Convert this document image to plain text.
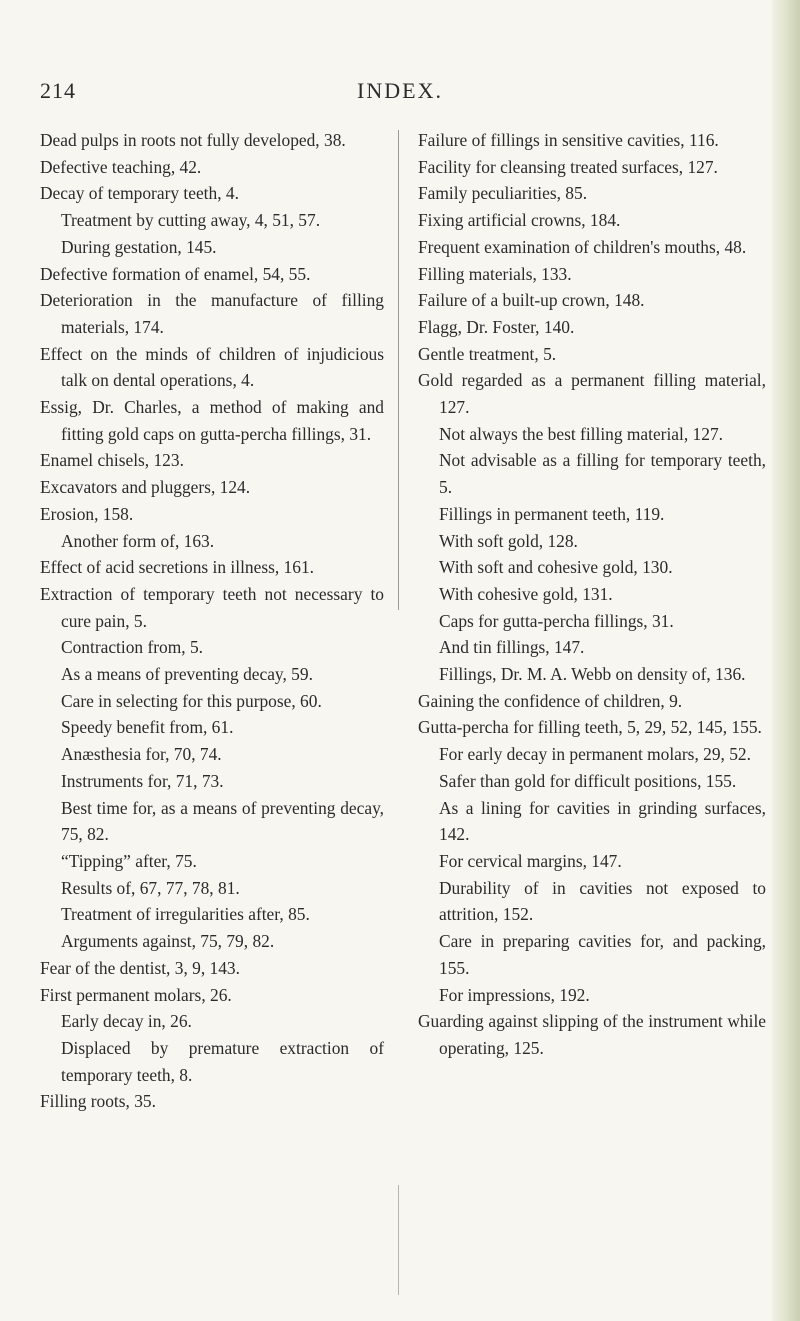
214	INDEX.
Dead pulps in roots not fully developed, 38.
Defective teaching, 42.
Decay of temporary teeth, 4.
Treatment by cutting away, 4, 51, 57.
During gestation, 145.
Defective formation of enamel, 54, 55.
Deterioration in the manufacture of filling materials, 174.
Effect on the minds of children of injudicious talk on dental operations, 4.
Essig, Dr. Charles, a method of making and fitting gold caps on gutta-percha fillings, 31.
Enamel chisels, 123.
Excavators and pluggers, 124.
Erosion, 158.
Another form of, 163.
Effect of acid secretions in illness, 161.
Extraction of temporary teeth not necessary to cure pain, 5.
Contraction from, 5.
As a means of preventing decay, 59.
Care in selecting for this purpose, 60.
Speedy benefit from, 61.
Anæsthesia for, 70, 74.
Instruments for, 71, 73.
Best time for, as a means of preventing decay, 75, 82.
“Tipping” after, 75.
Results of, 67, 77, 78, 81.
Treatment of irregularities after, 85.
Arguments against, 75, 79, 82.
Fear of the dentist, 3, 9, 143.
First permanent molars, 26.
Early decay in, 26.
Displaced by premature extraction of temporary teeth, 8.
Filling roots, 35.
Failure of fillings in sensitive cavities, 116.
Facility for cleansing treated surfaces, 127.
Family peculiarities, 85.
Fixing artificial crowns, 184.
Frequent examination of children's mouths, 48.
Filling materials, 133.
Failure of a built-up crown, 148.
Flagg, Dr. Foster, 140.
Gentle treatment, 5.
Gold regarded as a permanent filling material, 127.
Not always the best filling material, 127.
Not advisable as a filling for temporary teeth, 5.
Fillings in permanent teeth, 119.
With soft gold, 128.
With soft and cohesive gold, 130.
With cohesive gold, 131.
Caps for gutta-percha fillings, 31.
And tin fillings, 147.
Fillings, Dr. M. A. Webb on density of, 136.
Gaining the confidence of children, 9.
Gutta-percha for filling teeth, 5, 29, 52, 145, 155.
For early decay in permanent molars, 29, 52.
Safer than gold for difficult positions, 155.
As a lining for cavities in grinding surfaces, 142.
For cervical margins, 147.
Durability of in cavities not exposed to attrition, 152.
Care in preparing cavities for, and packing, 155.
For impressions, 192.
Guarding against slipping of the instrument while operating, 125.
